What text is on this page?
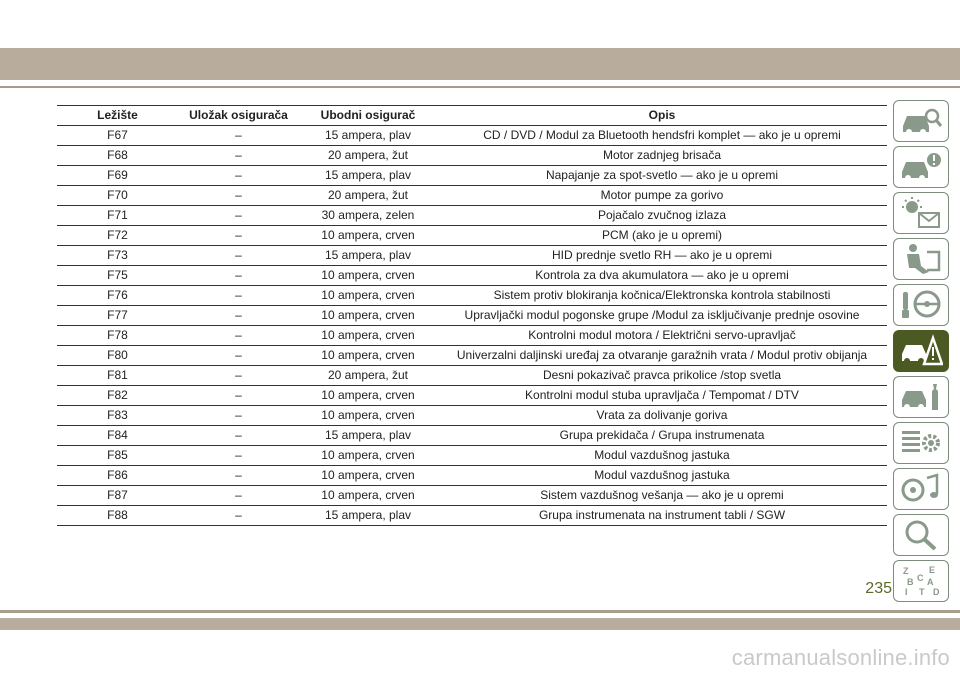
Ležište	Uložak osigurača	Ubodni osigurač	Opis
F67	–	15 ampera, plav	CD / DVD / Modul za Bluetooth hendsfri komplet — ako je u opremi
F68	–	20 ampera, žut	Motor zadnjeg brisača
F69	–	15 ampera, plav	Napajanje za spot-svetlo — ako je u opremi
F70	–	20 ampera, žut	Motor pumpe za gorivo
F71	–	30 ampera, zelen	Pojačalo zvučnog izlaza
F72	–	10 ampera, crven	PCM (ako je u opremi)
F73	–	15 ampera, plav	HID prednje svetlo RH — ako je u opremi
F75	–	10 ampera, crven	Kontrola za dva akumulatora — ako je u opremi
F76	–	10 ampera, crven	Sistem protiv blokiranja kočnica/Elektronska kontrola stabilnosti
F77	–	10 ampera, crven	Upravljački modul pogonske grupe /Modul za isključivanje prednje osovine
F78	–	10 ampera, crven	Kontrolni modul motora / Električni servo-upravljač
F80	–	10 ampera, crven	Univerzalni daljinski uređaj za otvaranje garažnih vrata / Modul protiv obijanja
F81	–	20 ampera, žut	Desni pokazivač pravca prikolice /stop svetla
F82	–	10 ampera, crven	Kontrolni modul stuba upravljača / Tempomat / DTV
F83	–	10 ampera, crven	Vrata za dolivanje goriva
F84	–	15 ampera, plav	Grupa prekidača / Grupa instrumenata
F85	–	10 ampera, crven	Modul vazdušnog jastuka
F86	–	10 ampera, crven	Modul vazdušnog jastuka
F87	–	10 ampera, crven	Sistem vazdušnog vešanja — ako je u opremi
F88	–	15 ampera, plav	Grupa instrumenata na instrument tabli / SGW
Z E
B A
C
D
I T
235
carmanualsonline.info
